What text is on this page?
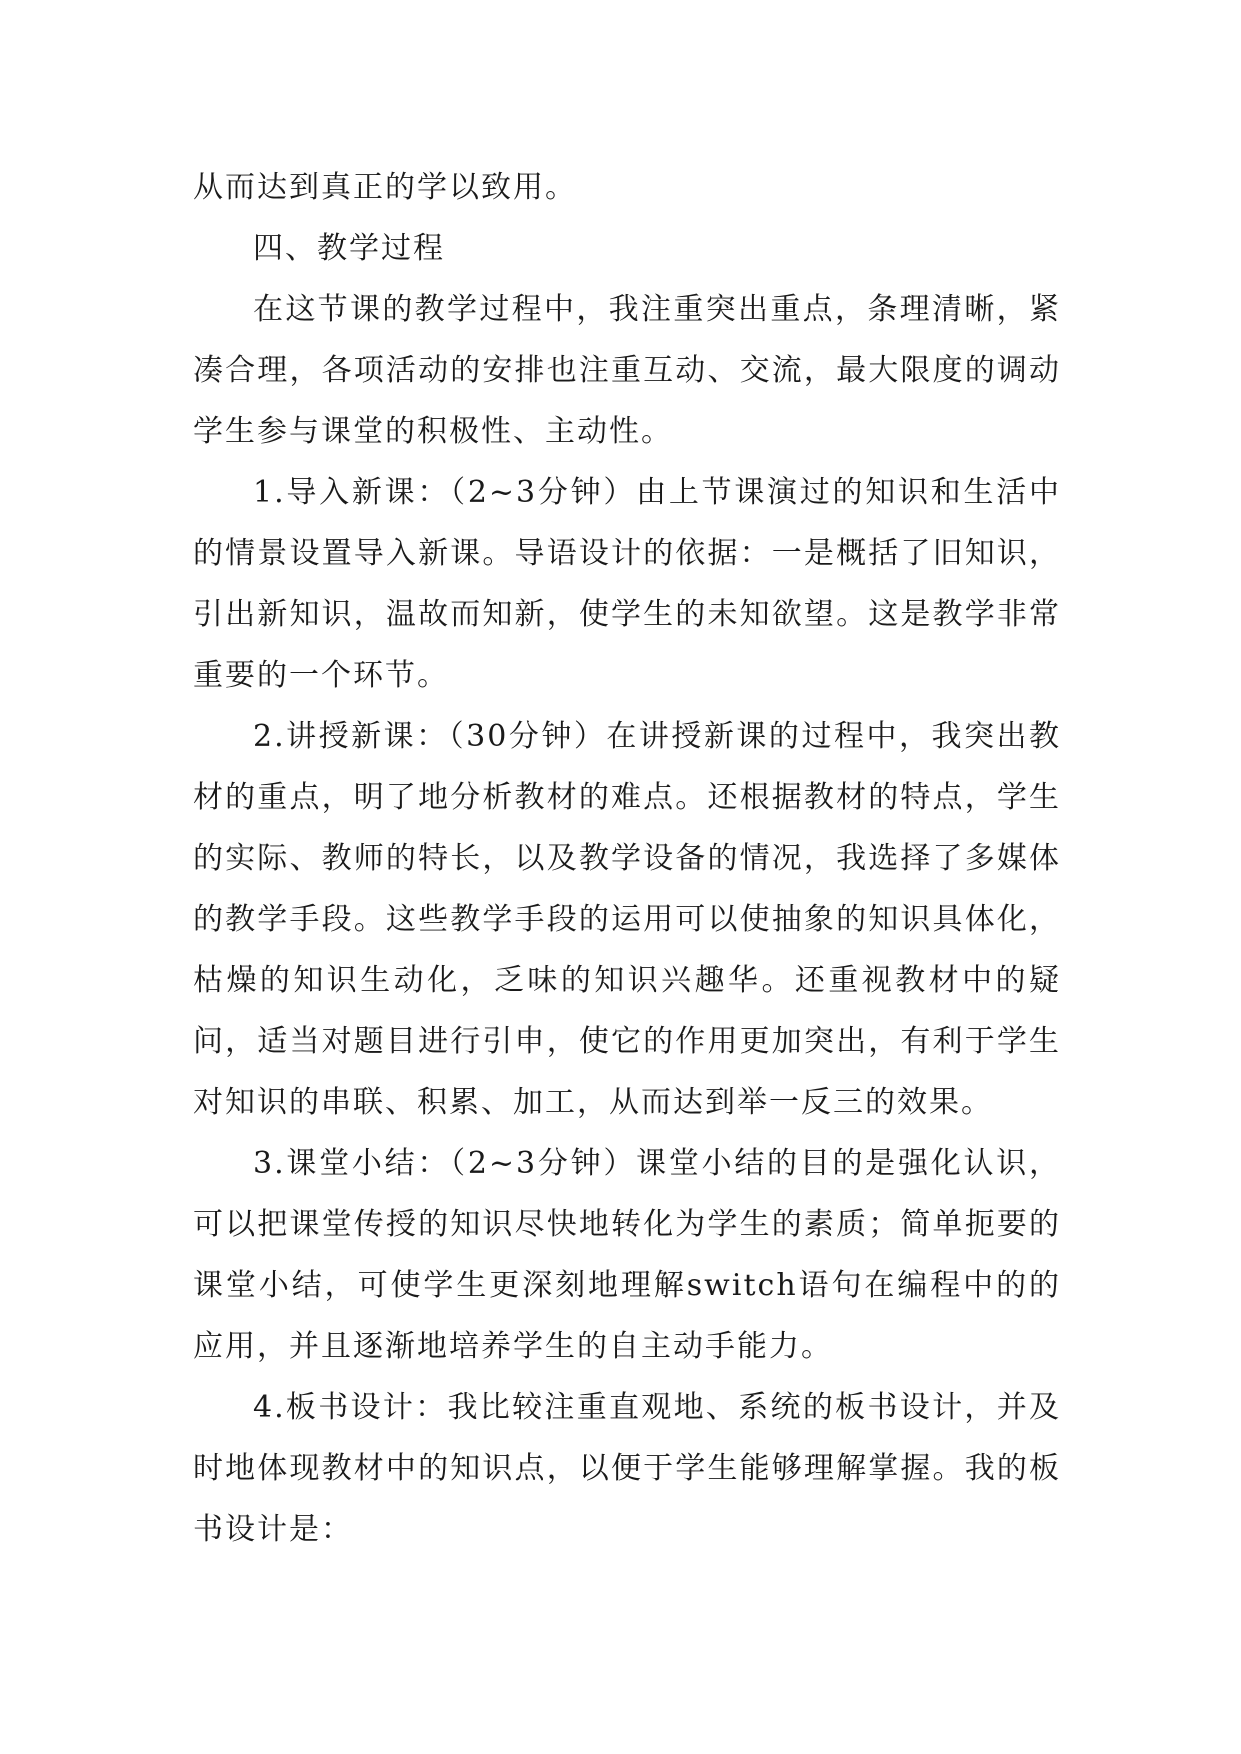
从而达到真正的学以致用。

四、教学过程

在这节课的教学过程中，我注重突出重点，条理清晰，紧凑合理，各项活动的安排也注重互动、交流，最大限度的调动学生参与课堂的积极性、主动性。

1.导入新课：（2~3分钟）由上节课演过的知识和生活中的情景设置导入新课。导语设计的依据：一是概括了旧知识，引出新知识，温故而知新，使学生的未知欲望。这是教学非常重要的一个环节。

2.讲授新课：（30分钟）在讲授新课的过程中，我突出教材的重点，明了地分析教材的难点。还根据教材的特点，学生的实际、教师的特长，以及教学设备的情况，我选择了多媒体的教学手段。这些教学手段的运用可以使抽象的知识具体化，枯燥的知识生动化，乏味的知识兴趣华。还重视教材中的疑问，适当对题目进行引申，使它的作用更加突出，有利于学生对知识的串联、积累、加工，从而达到举一反三的效果。

3.课堂小结：（2~3分钟）课堂小结的目的是强化认识，可以把课堂传授的知识尽快地转化为学生的素质；简单扼要的课堂小结，可使学生更深刻地理解switch语句在编程中的的应用，并且逐渐地培养学生的自主动手能力。

4.板书设计：我比较注重直观地、系统的板书设计，并及时地体现教材中的知识点，以便于学生能够理解掌握。我的板书设计是：
